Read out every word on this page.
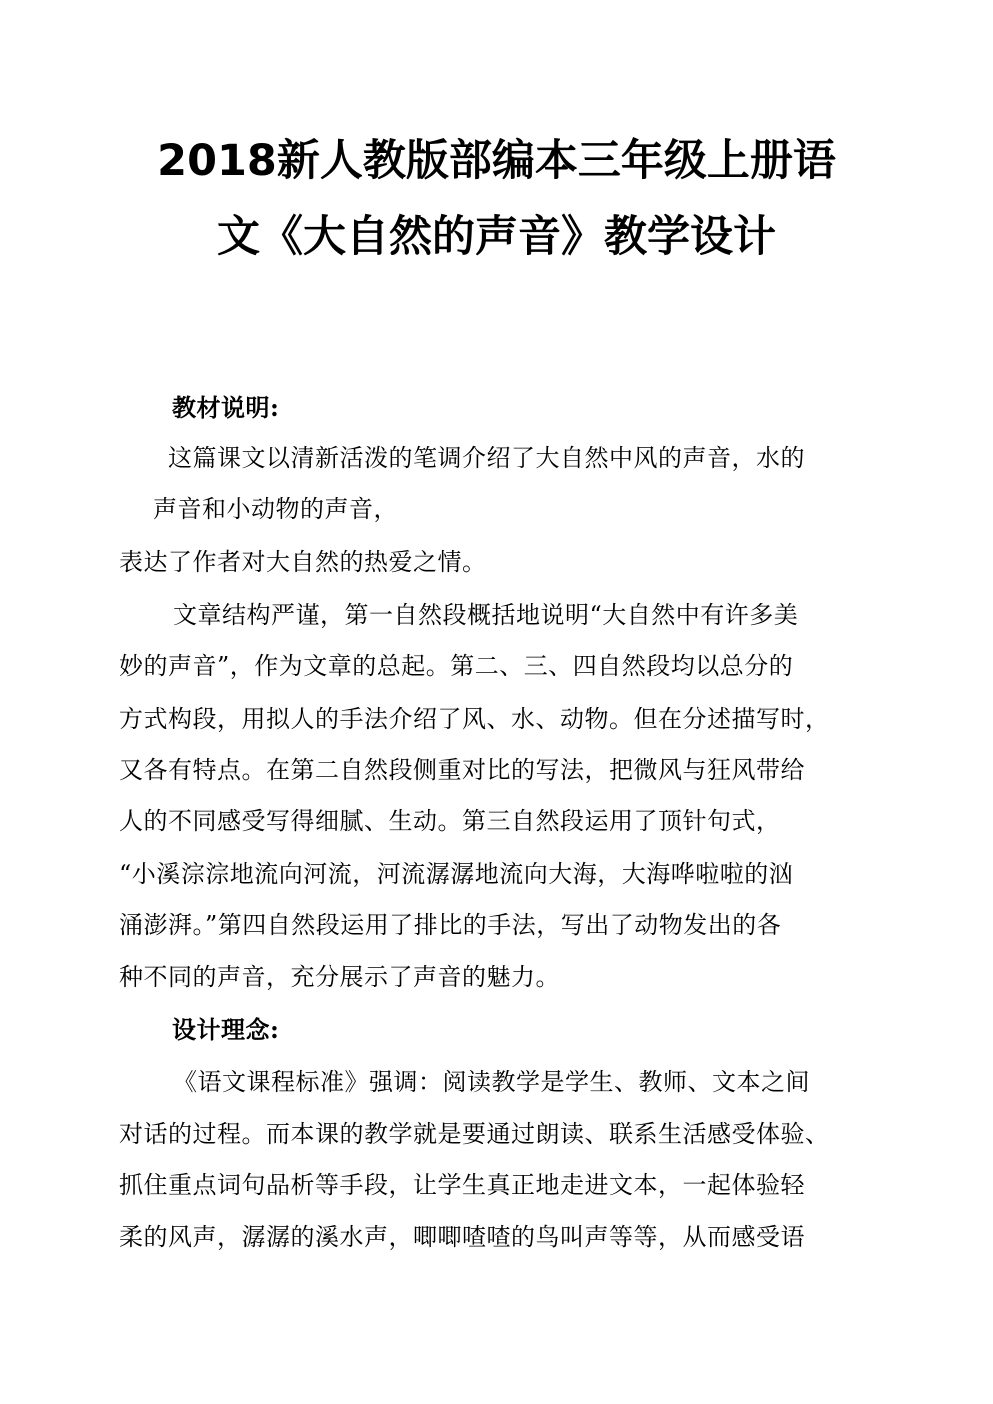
2018新人教版部编本三年级上册语
文《大自然的声音》教学设计
教材说明:
这篇课文以清新活泼的笔调介绍了大自然中风的声音，水的
声音和小动物的声音，
表达了作者对大自然的热爱之情。
文章结构严谨，第一自然段概括地说明“大自然中有许多美
妙的声音”，作为文章的总起。第二、三、四自然段均以总分的
方式构段，用拟人的手法介绍了风、水、动物。但在分述描写时，
又各有特点。在第二自然段侧重对比的写法，把微风与狂风带给
人的不同感受写得细腻、生动。第三自然段运用了顶针句式，
“小溪淙淙地流向河流，河流潺潺地流向大海，大海哗啦啦的汹
涌澎湃。”第四自然段运用了排比的手法，写出了动物发出的各
种不同的声音，充分展示了声音的魅力。
设计理念:
《语文课程标准》强调：阅读教学是学生、教师、文本之间
对话的过程。而本课的教学就是要通过朗读、联系生活感受体验、
抓住重点词句品析等手段，让学生真正地走进文本，一起体验轻
柔的风声，潺潺的溪水声，唧唧喳喳的鸟叫声等等，从而感受语
